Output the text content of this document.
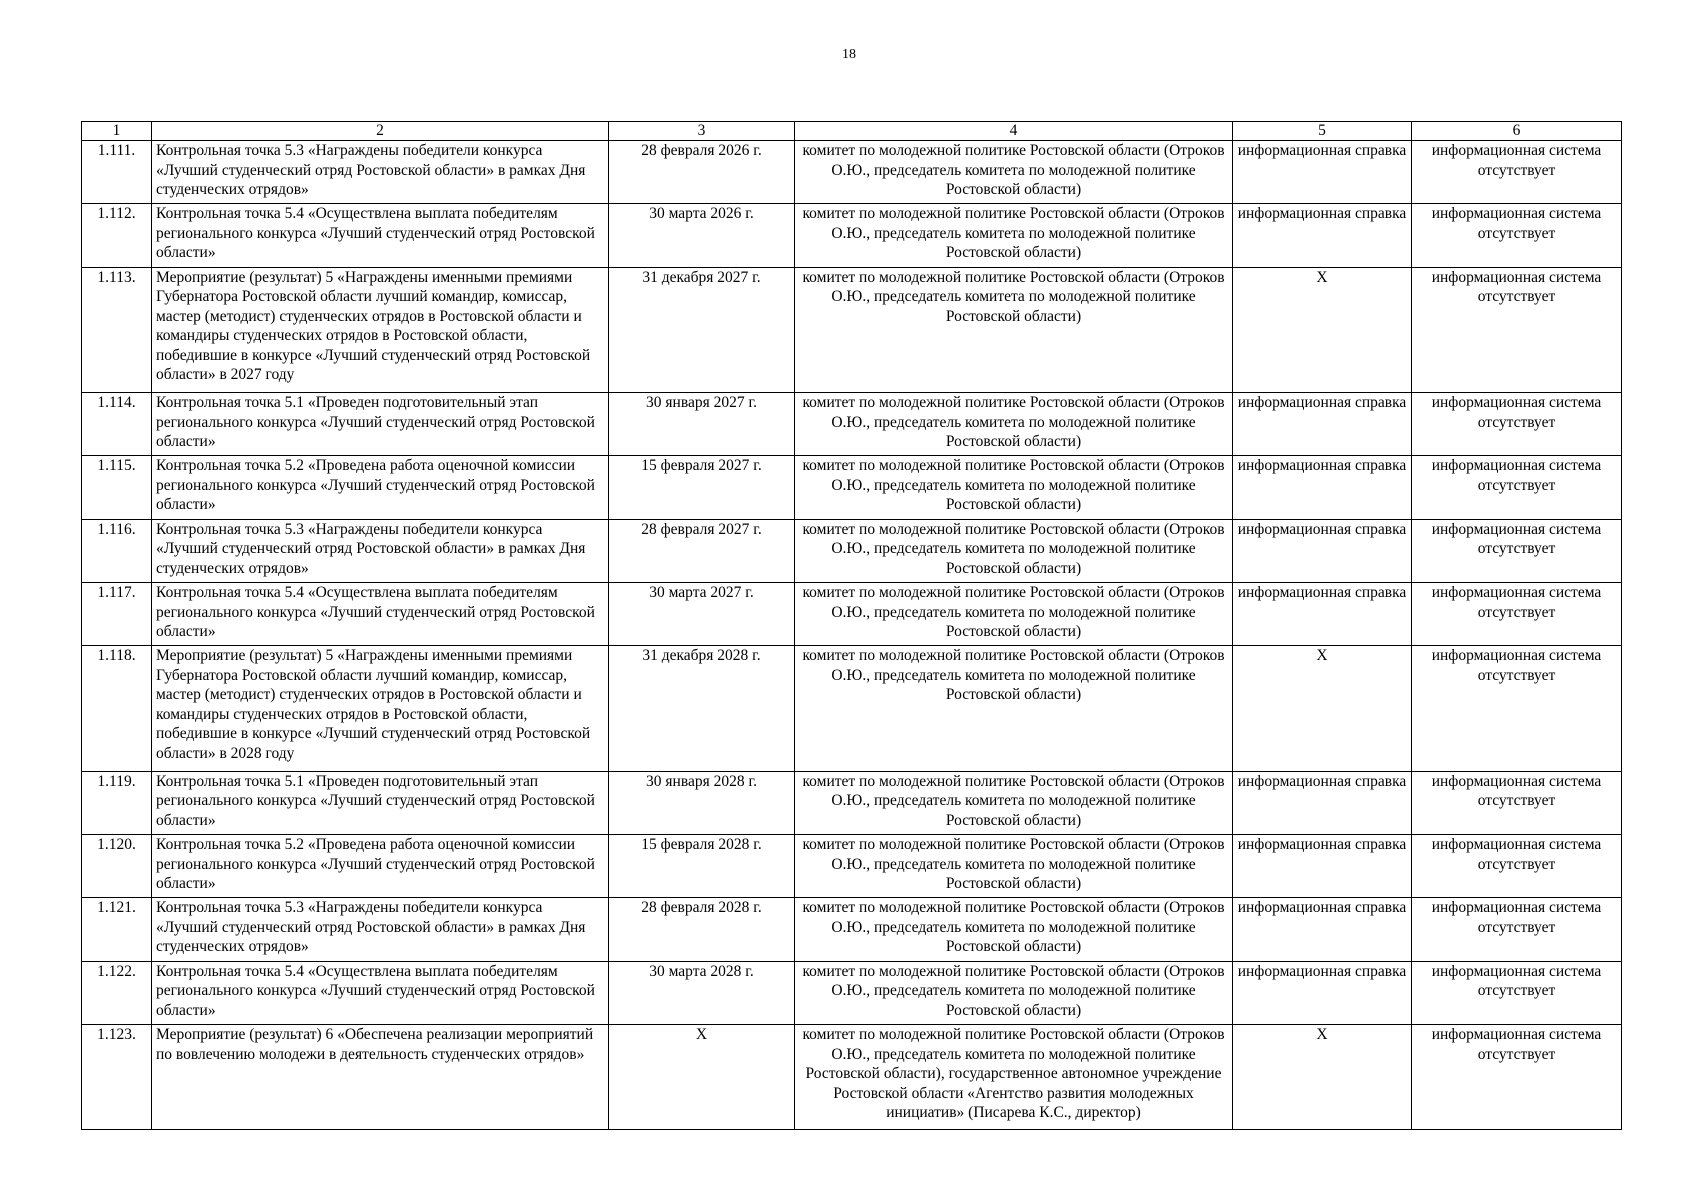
18
1	2	3	4	5	6
1.111.	Контрольная точка 5.3 «Награждены победители конкурса «Лучший студенческий отряд Ростовской области» в рамках Дня студенческих отрядов»	28 февраля 2026 г.	комитет по молодежной политике Ростовской области (Отроков О.Ю., председатель комитета по молодежной политике Ростовской области)	информационная справка	информационная система отсутствует
1.112.	Контрольная точка 5.4 «Осуществлена выплата победителям регионального конкурса «Лучший студенческий отряд Ростовской области»	30 марта 2026 г.	комитет по молодежной политике Ростовской области (Отроков О.Ю., председатель комитета по молодежной политике Ростовской области)	информационная справка	информационная система отсутствует
1.113.	Мероприятие (результат) 5 «Награждены именными премиями Губернатора Ростовской области лучший командир, комиссар, мастер (методист) студенческих отрядов в Ростовской области и командиры студенческих отрядов в Ростовской области, победившие в конкурсе «Лучший студенческий отряд Ростовской области» в 2027 году	31 декабря 2027 г.	комитет по молодежной политике Ростовской области (Отроков О.Ю., председатель комитета по молодежной политике Ростовской области)	Х	информационная система отсутствует
1.114.	Контрольная точка 5.1 «Проведен подготовительный этап регионального конкурса «Лучший студенческий отряд Ростовской области»	30 января 2027 г.	комитет по молодежной политике Ростовской области (Отроков О.Ю., председатель комитета по молодежной политике Ростовской области)	информационная справка	информационная система отсутствует
1.115.	Контрольная точка 5.2 «Проведена работа оценочной комиссии регионального конкурса «Лучший студенческий отряд Ростовской области»	15 февраля 2027 г.	комитет по молодежной политике Ростовской области (Отроков О.Ю., председатель комитета по молодежной политике Ростовской области)	информационная справка	информационная система отсутствует
1.116.	Контрольная точка 5.3 «Награждены победители конкурса «Лучший студенческий отряд Ростовской области» в рамках Дня студенческих отрядов»	28 февраля 2027 г.	комитет по молодежной политике Ростовской области (Отроков О.Ю., председатель комитета по молодежной политике Ростовской области)	информационная справка	информационная система отсутствует
1.117.	Контрольная точка 5.4 «Осуществлена выплата победителям регионального конкурса «Лучший студенческий отряд Ростовской области»	30 марта 2027 г.	комитет по молодежной политике Ростовской области (Отроков О.Ю., председатель комитета по молодежной политике Ростовской области)	информационная справка	информационная система отсутствует
1.118.	Мероприятие (результат) 5 «Награждены именными премиями Губернатора Ростовской области лучший командир, комиссар, мастер (методист) студенческих отрядов в Ростовской области и командиры студенческих отрядов в Ростовской области, победившие в конкурсе «Лучший студенческий отряд Ростовской области» в 2028 году	31 декабря 2028 г.	комитет по молодежной политике Ростовской области (Отроков О.Ю., председатель комитета по молодежной политике Ростовской области)	Х	информационная система отсутствует
1.119.	Контрольная точка 5.1 «Проведен подготовительный этап регионального конкурса «Лучший студенческий отряд Ростовской области»	30 января 2028 г.	комитет по молодежной политике Ростовской области (Отроков О.Ю., председатель комитета по молодежной политике Ростовской области)	информационная справка	информационная система отсутствует
1.120.	Контрольная точка 5.2 «Проведена работа оценочной комиссии регионального конкурса «Лучший студенческий отряд Ростовской области»	15 февраля 2028 г.	комитет по молодежной политике Ростовской области (Отроков О.Ю., председатель комитета по молодежной политике Ростовской области)	информационная справка	информационная система отсутствует
1.121.	Контрольная точка 5.3 «Награждены победители конкурса «Лучший студенческий отряд Ростовской области» в рамках Дня студенческих отрядов»	28 февраля 2028 г.	комитет по молодежной политике Ростовской области (Отроков О.Ю., председатель комитета по молодежной политике Ростовской области)	информационная справка	информационная система отсутствует
1.122.	Контрольная точка 5.4 «Осуществлена выплата победителям регионального конкурса «Лучший студенческий отряд Ростовской области»	30 марта 2028 г.	комитет по молодежной политике Ростовской области (Отроков О.Ю., председатель комитета по молодежной политике Ростовской области)	информационная справка	информационная система отсутствует
1.123.	Мероприятие (результат) 6 «Обеспечена реализации мероприятий по вовлечению молодежи в деятельность студенческих отрядов»	Х	комитет по молодежной политике Ростовской области (Отроков О.Ю., председатель комитета по молодежной политике Ростовской области), государственное автономное учреждение Ростовской области «Агентство развития молодежных инициатив» (Писарева К.С., директор)	Х	информационная система отсутствует
